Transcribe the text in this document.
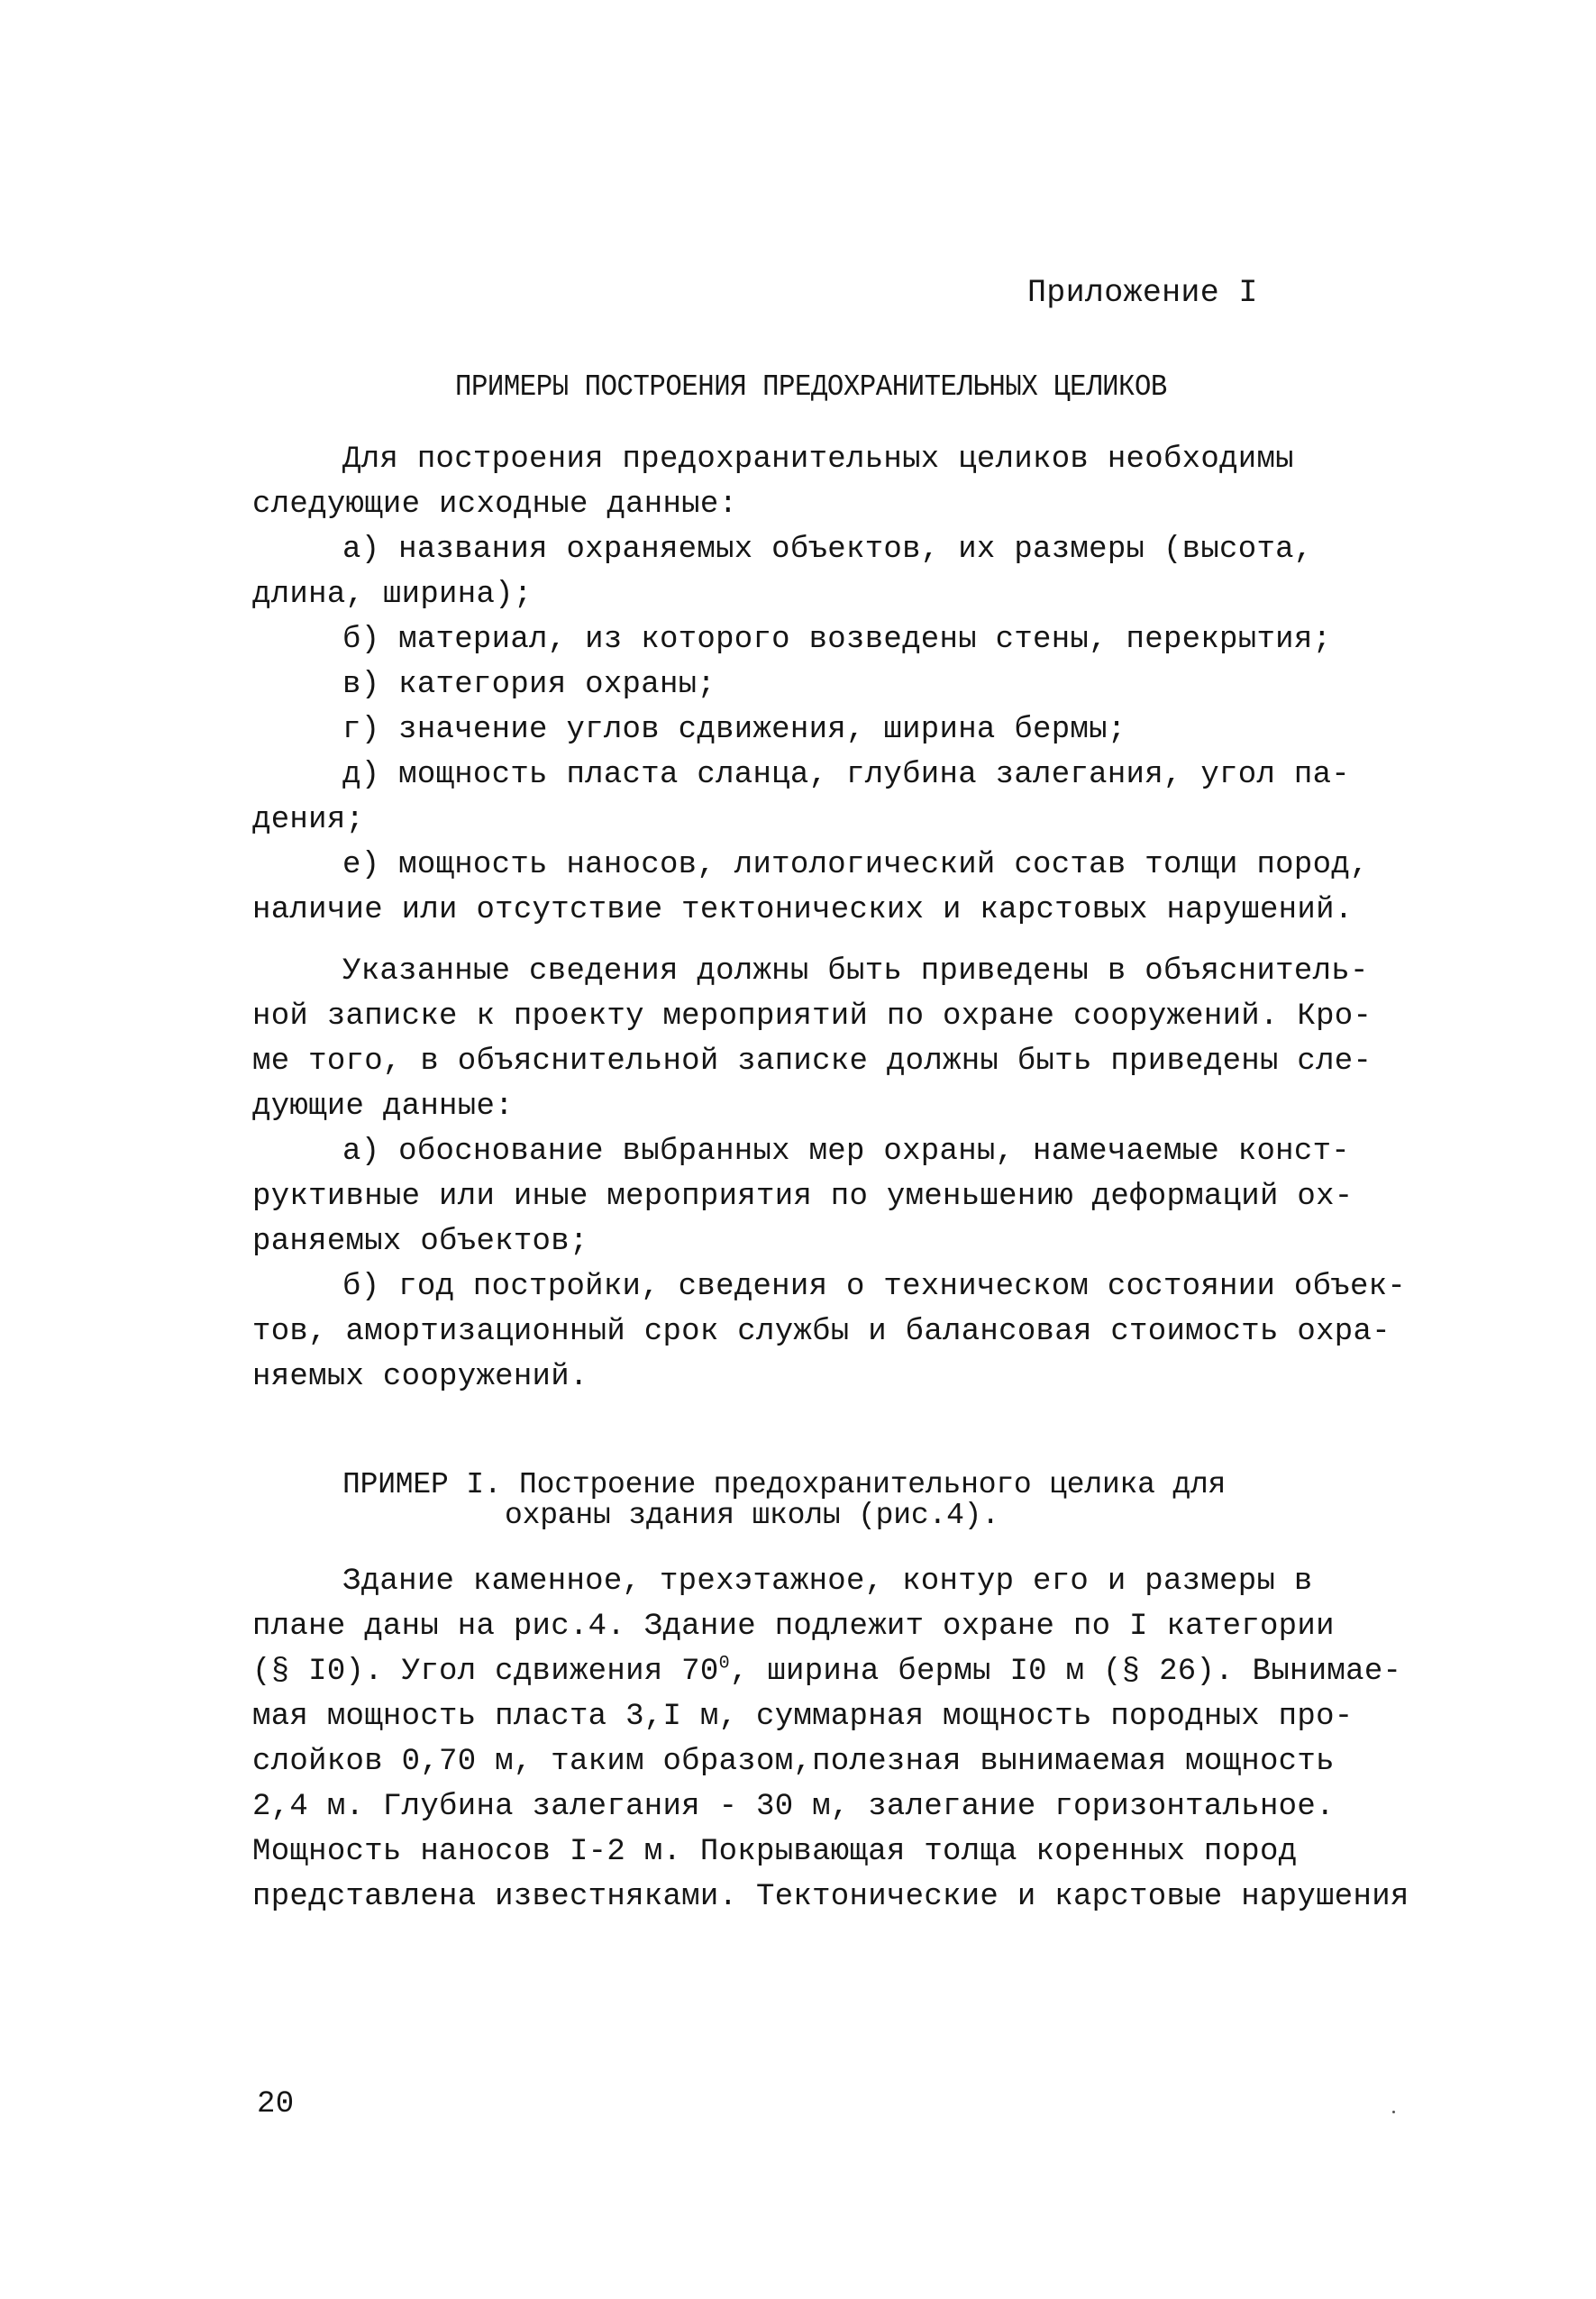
Приложение I
ПРИМЕРЫ ПОСТРОЕНИЯ ПРЕДОХРАНИТЕЛЬНЫХ ЦЕЛИКОВ
Для построения предохранительных целиков необходимы
следующие исходные данные:
а) названия охраняемых объектов, их размеры (высота,
длина, ширина);
б) материал, из которого возведены стены, перекрытия;
в) категория охраны;
г) значение углов сдвижения, ширина бермы;
д) мощность пласта сланца, глубина залегания, угол па-
дения;
е) мощность наносов, литологический состав толщи пород,
наличие или отсутствие тектонических и карстовых нарушений.
Указанные сведения должны быть приведены в объяснитель-
ной записке к проекту мероприятий по охране сооружений. Кро-
ме того, в объяснительной записке должны быть приведены сле-
дующие данные:
а) обоснование выбранных мер охраны, намечаемые конст-
руктивные или иные мероприятия по уменьшению деформаций ох-
раняемых объектов;
б) год постройки, сведения о техническом состоянии объек-
тов, амортизационный срок службы и балансовая стоимость охра-
няемых сооружений.
ПРИМЕР I. Построение предохранительного целика для
охраны здания школы (рис.4).
Здание каменное, трехэтажное, контур его и размеры в
плане даны на рис.4. Здание подлежит охране по I категории
(§ I0). Угол сдвижения $70^0$, ширина бермы I0 м (§ 26). Вынимае-
мая мощность пласта 3,I м, суммарная мощность породных про-
слойков 0,70 м, таким образом,полезная вынимаемая мощность
2,4 м. Глубина залегания - 30 м, залегание горизонтальное.
Мощность наносов I-2 м. Покрывающая толща коренных пород
представлена известняками. Тектонические и карстовые нарушения
20
